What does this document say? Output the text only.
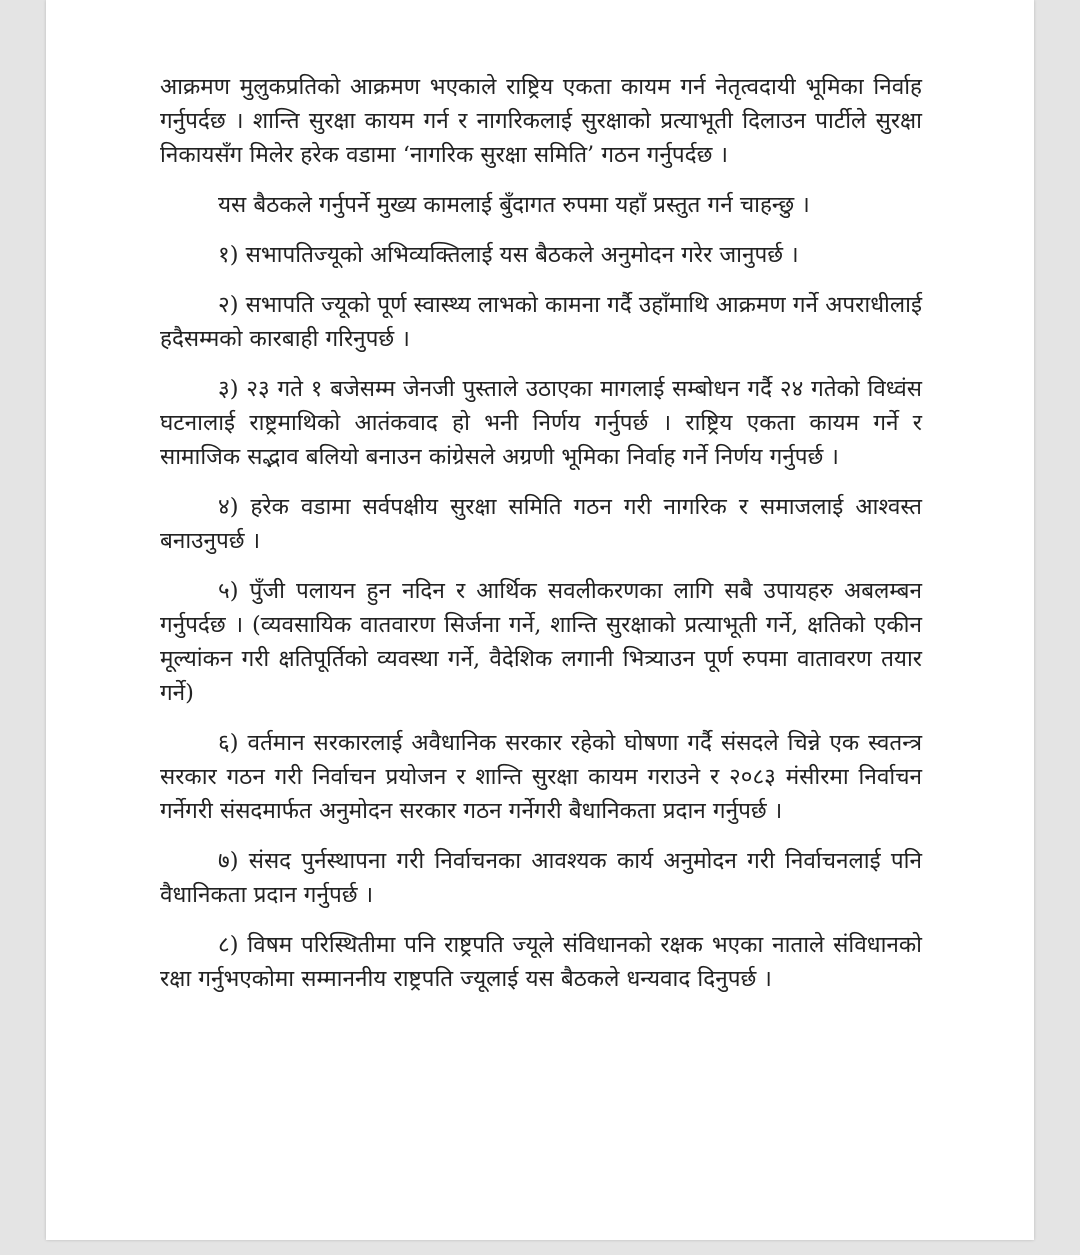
आक्रमण मुलुकप्रतिको आक्रमण भएकाले राष्ट्रिय एकता कायम गर्न नेतृत्वदायी भूमिका निर्वाह गर्नुपर्दछ । शान्ति सुरक्षा कायम गर्न र नागरिकलाई सुरक्षाको प्रत्याभूती दिलाउन पार्टीले सुरक्षा निकायसँग मिलेर हरेक वडामा ‘नागरिक सुरक्षा समिति’ गठन गर्नुपर्दछ ।

यस बैठकले गर्नुपर्ने मुख्य कामलाई बुँदागत रुपमा यहाँ प्रस्तुत गर्न चाहन्छु ।

१) सभापतिज्यूको अभिव्यक्तिलाई यस बैठकले अनुमोदन गरेर जानुपर्छ ।

२) सभापति ज्यूको पूर्ण स्वास्थ्य लाभको कामना गर्दै उहाँमाथि आक्रमण गर्ने अपराधीलाई हदैसम्मको कारबाही गरिनुपर्छ ।

३) २३ गते १ बजेसम्म जेनजी पुस्ताले उठाएका मागलाई सम्बोधन गर्दै २४ गतेको विध्वंस घटनालाई राष्ट्रमाथिको आतंकवाद हो भनी निर्णय गर्नुपर्छ । राष्ट्रिय एकता कायम गर्ने र सामाजिक सद्भाव बलियो बनाउन कांग्रेसले अग्रणी भूमिका निर्वाह गर्ने निर्णय गर्नुपर्छ ।

४) हरेक वडामा सर्वपक्षीय सुरक्षा समिति गठन गरी नागरिक र समाजलाई आश्वस्त बनाउनुपर्छ ।

५) पुँजी पलायन हुन नदिन र आर्थिक सवलीकरणका लागि सबै उपायहरु अबलम्बन गर्नुपर्दछ । (व्यवसायिक वातवारण सिर्जना गर्ने, शान्ति सुरक्षाको प्रत्याभूती गर्ने, क्षतिको एकीन मूल्यांकन गरी क्षतिपूर्तिको व्यवस्था गर्ने, वैदेशिक लगानी भित्र्याउन पूर्ण रुपमा वातावरण तयार गर्ने)

६) वर्तमान सरकारलाई अवैधानिक सरकार रहेको घोषणा गर्दै संसदले चिन्ने एक स्वतन्त्र सरकार गठन गरी निर्वाचन प्रयोजन र शान्ति सुरक्षा कायम गराउने र २०८३ मंसीरमा निर्वाचन गर्नेगरी संसदमार्फत अनुमोदन सरकार गठन गर्नेगरी बैधानिकता प्रदान गर्नुपर्छ ।

७) संसद पुर्नस्थापना गरी निर्वाचनका आवश्यक कार्य अनुमोदन गरी निर्वाचनलाई पनि वैधानिकता प्रदान गर्नुपर्छ ।

८) विषम परिस्थितीमा पनि राष्ट्रपति ज्यूले संविधानको रक्षक भएका नाताले संविधानको रक्षा गर्नुभएकोमा सम्माननीय राष्ट्रपति ज्यूलाई यस बैठकले धन्यवाद दिनुपर्छ ।
